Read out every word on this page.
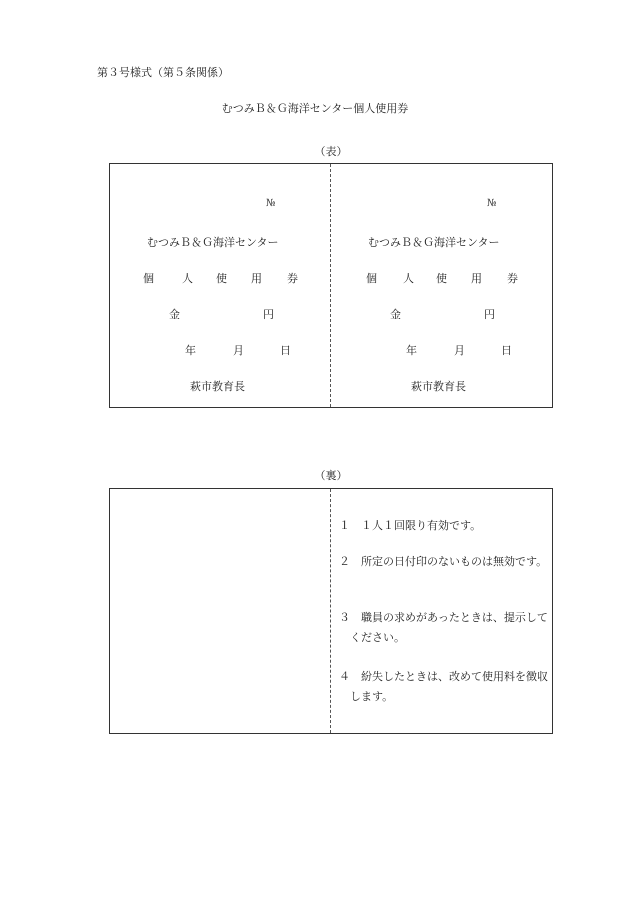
第３号様式（第５条関係）
むつみＢ＆Ｇ海洋センター個人使用券
（表）
№
むつみＢ＆Ｇ海洋センター
個	人 使 用 券
金	円
年	月	日
萩市教育長
№
むつみＢ＆Ｇ海洋センター
個 人 使 用 券
金	円
年	月	日
萩市教育長
（裏）
１ 　１人１回限り有効です。
２ 　所定の日付印のないものは無効です。
３ 　職員の求めがあったときは、提示してください。
４ 　紛失したときは、改めて使用料を徴収します。
